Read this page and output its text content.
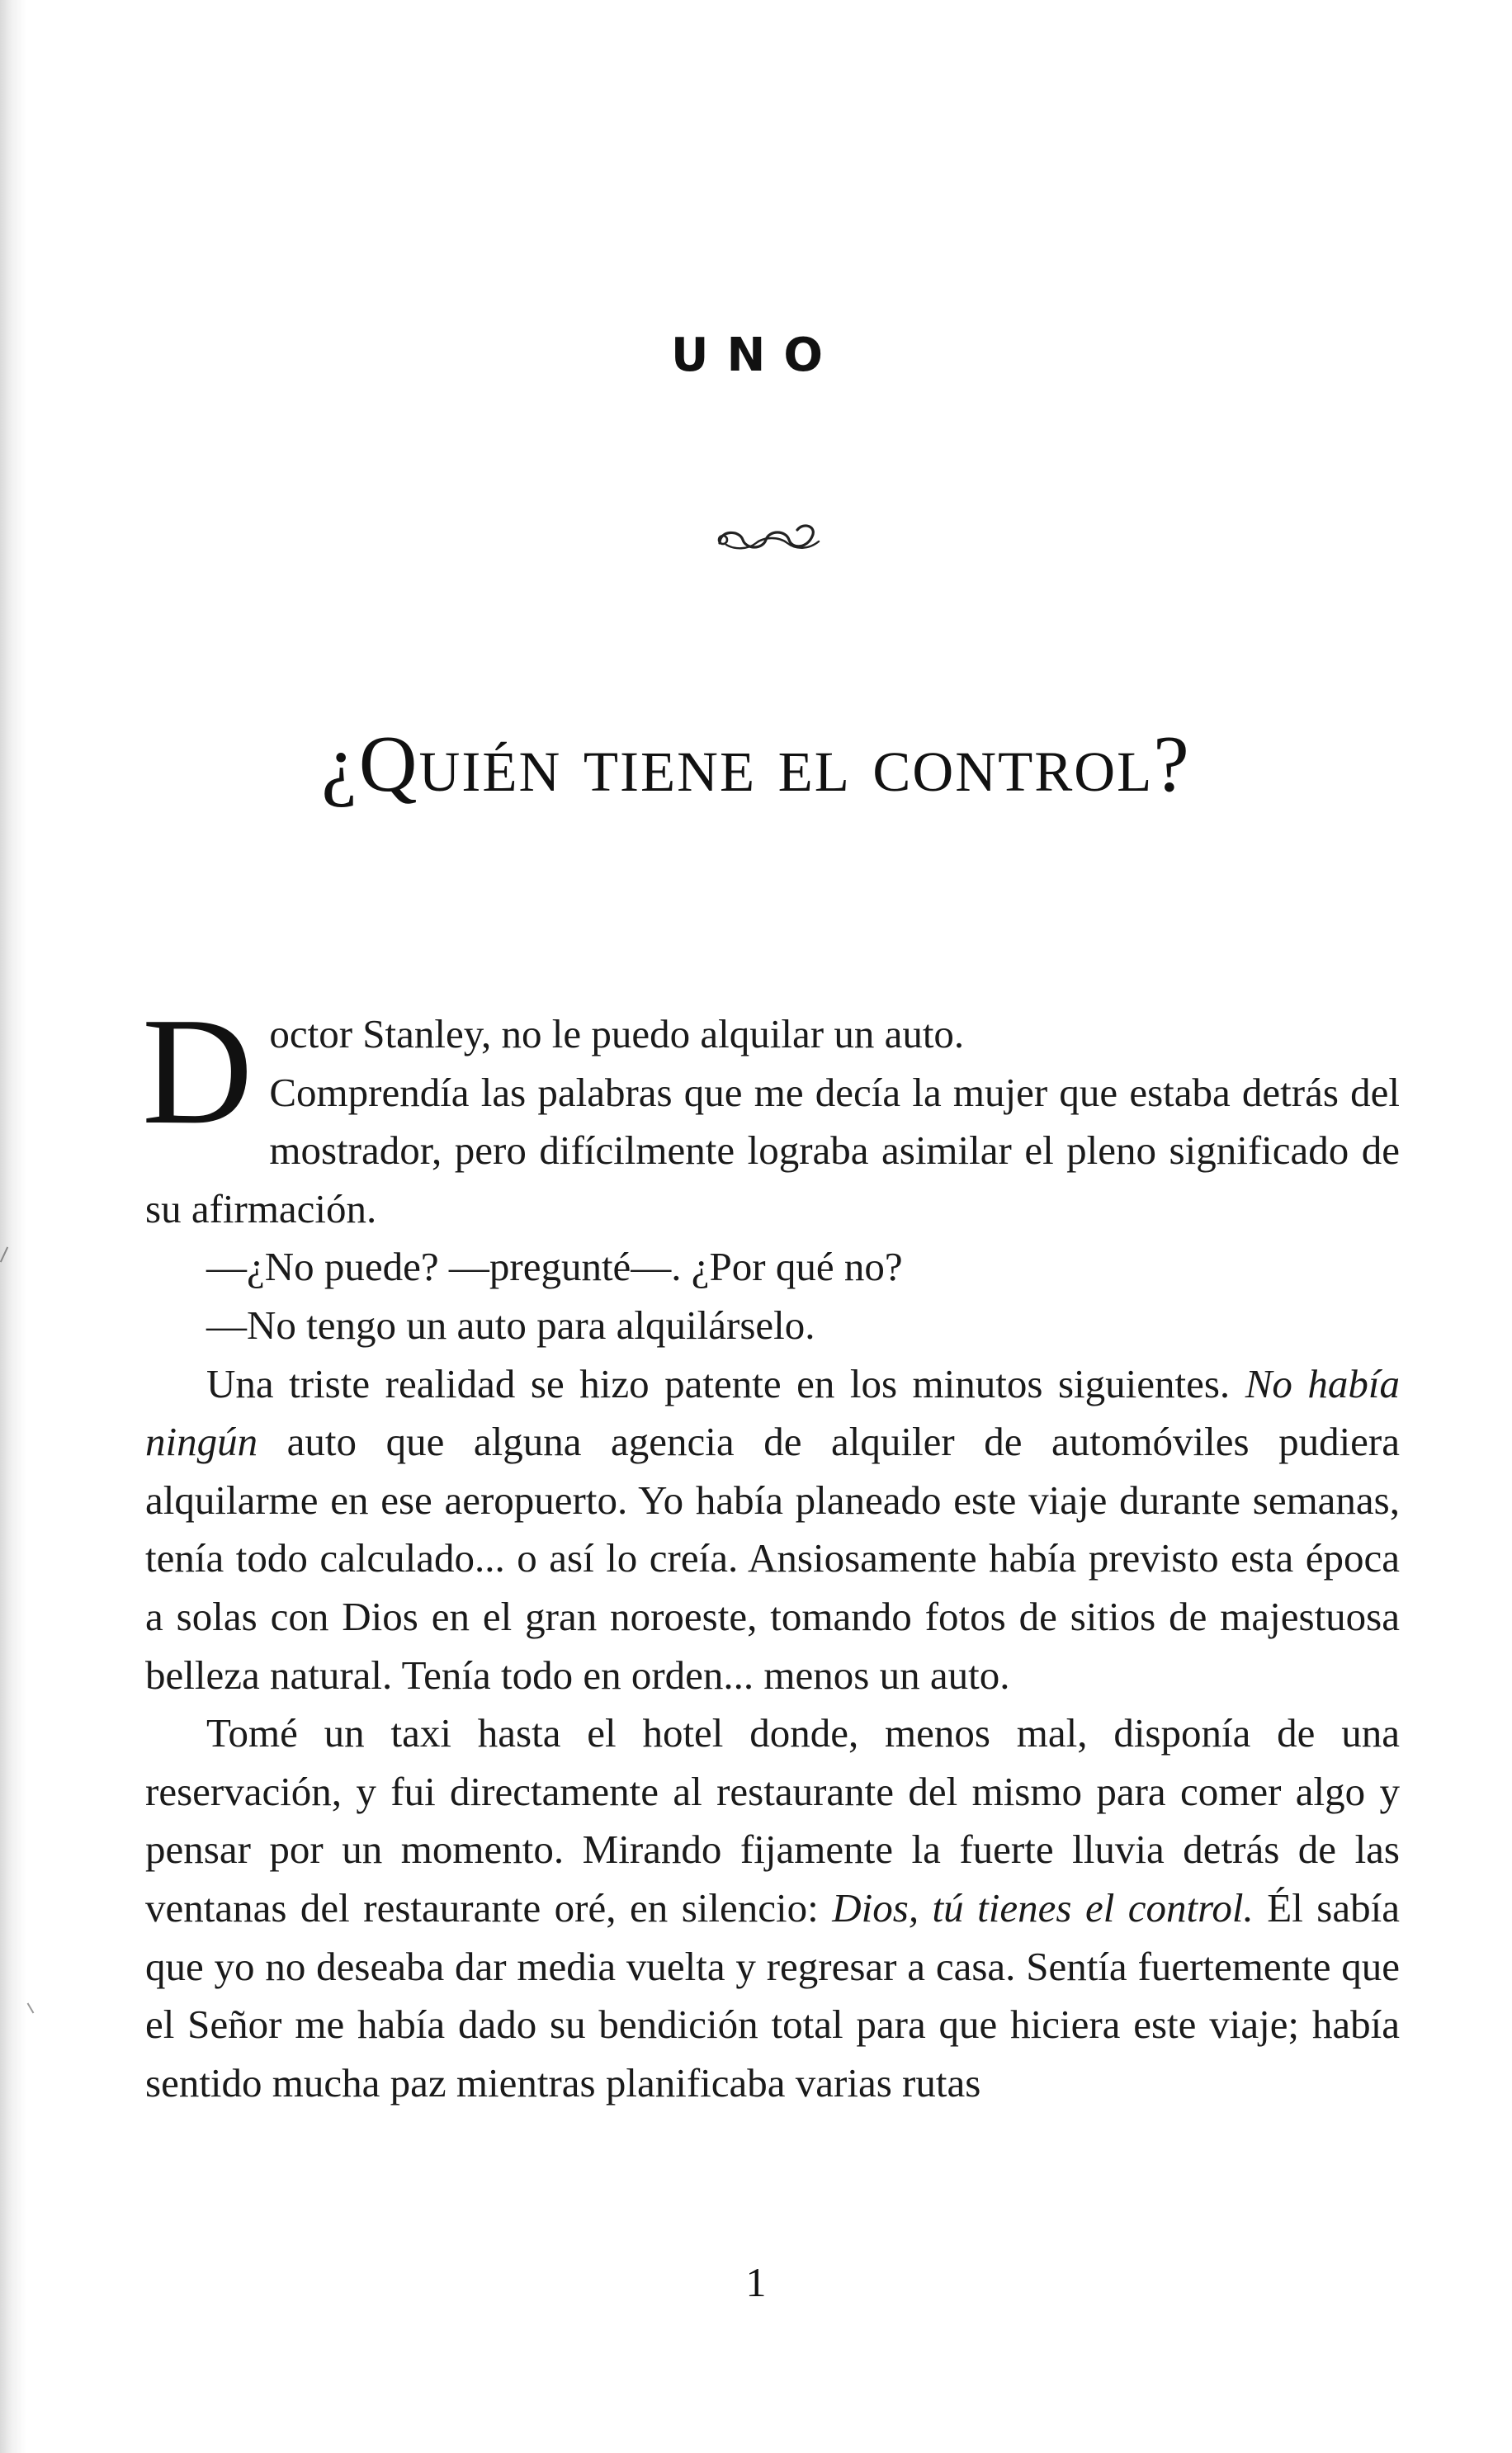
UNO
¿Quién tiene el control?

Doctor Stanley, no le puedo alquilar un auto.

Comprendía las palabras que me decía la mujer que estaba detrás del mostrador, pero difícilmente lograba asimilar el pleno significado de su afirmación.

—¿No puede? —pregunté—. ¿Por qué no?

—No tengo un auto para alquilárselo.

Una triste realidad se hizo patente en los minutos siguientes. No había ningún auto que alguna agencia de alquiler de automóviles pudiera alquilarme en ese aeropuerto. Yo había planeado este viaje durante semanas, tenía todo calculado... o así lo creía. Ansiosamente había previsto esta época a solas con Dios en el gran noroeste, tomando fotos de sitios de majestuosa belleza natural. Tenía todo en orden... menos un auto.

Tomé un taxi hasta el hotel donde, menos mal, disponía de una reservación, y fui directamente al restaurante del mismo para comer algo y pensar por un momento. Mirando fijamente la fuerte lluvia detrás de las ventanas del restaurante oré, en silencio: Dios, tú tienes el control. Él sabía que yo no deseaba dar media vuelta y regresar a casa. Sentía fuertemente que el Señor me había dado su bendición total para que hiciera este viaje; había sentido mucha paz mientras planificaba varias rutas

1
